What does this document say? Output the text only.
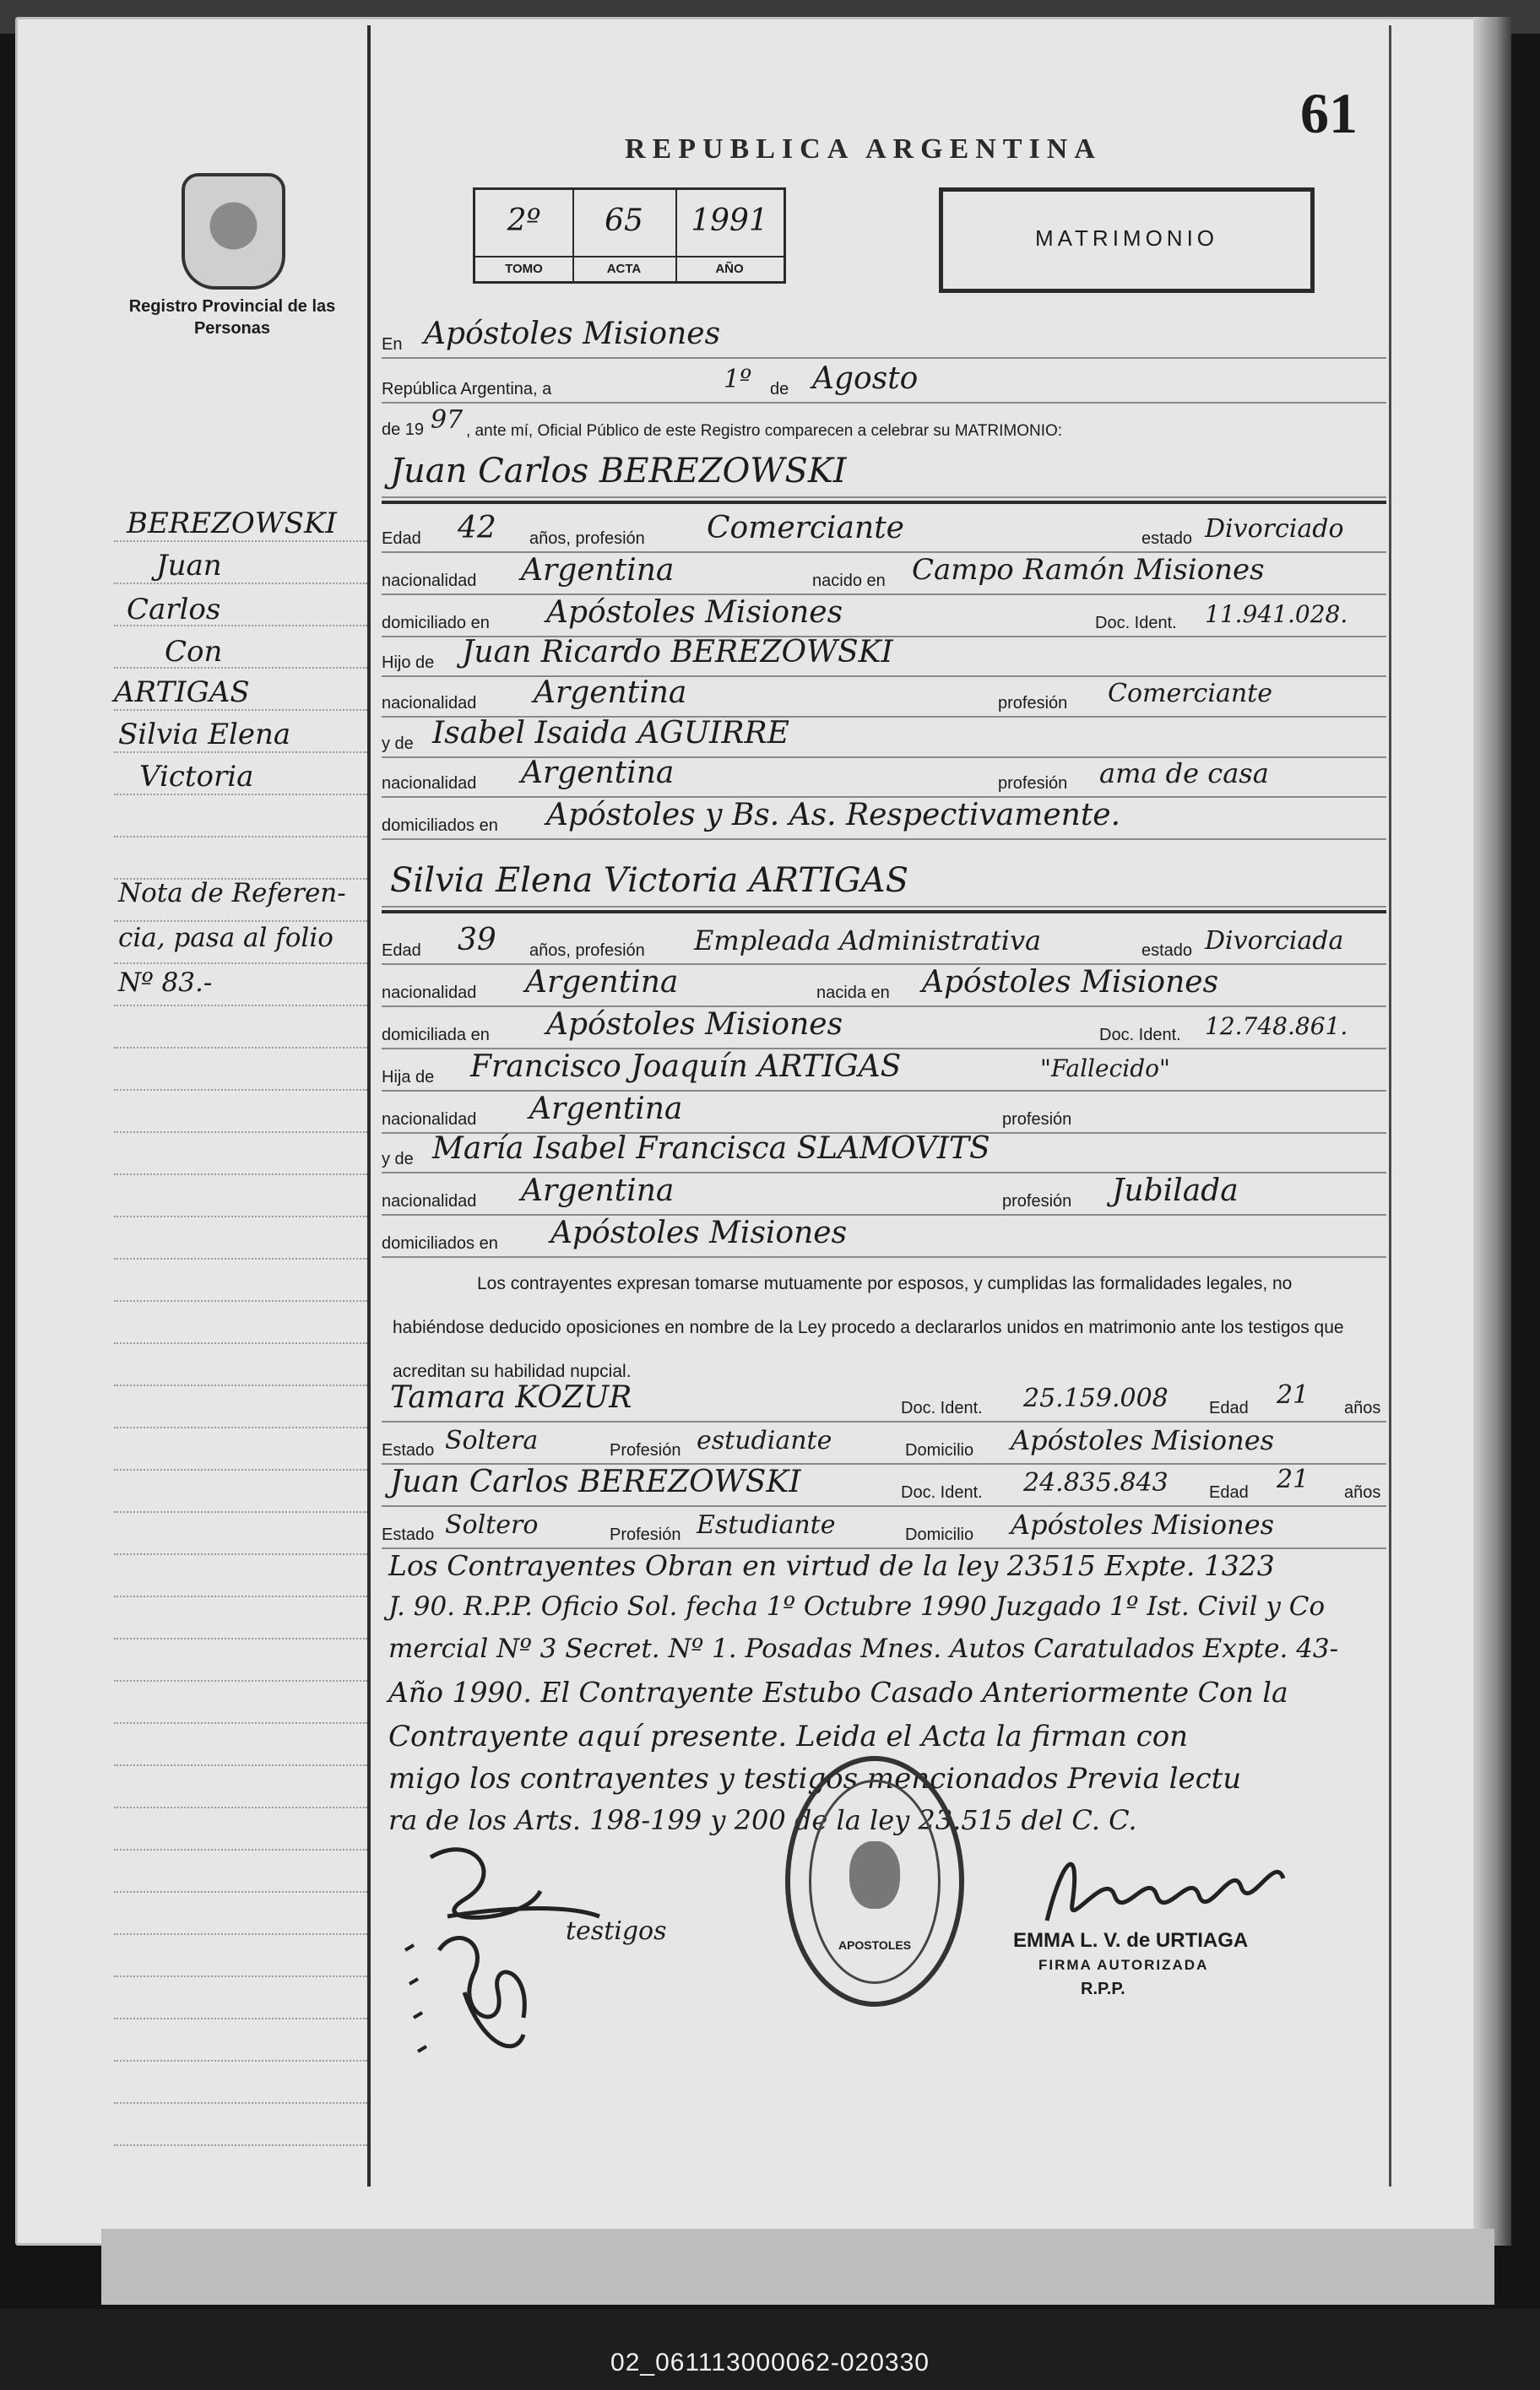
02_061113000062-020330
61
REPUBLICA ARGENTINA
Registro Provincial de las Personas
2º
TOMO
65
ACTA
1991
AÑO
MATRIMONIO
BEREZOWSKI
Juan
Carlos
Con
ARTIGAS
Silvia Elena
Victoria
Nota de Referen-
cia, pasa al folio
Nº 83.-
En Apóstoles Misiones
República Argentina, a	1º de Agosto
de 19 97 , ante mí, Oficial Público de este Registro comparecen a celebrar su MATRIMONIO:
Juan Carlos BEREZOWSKI
Edad 42 años, profesión Comerciante	estado Divorciado
nacionalidad Argentina	nacido en Campo Ramón Misiones
domiciliado en Apóstoles Misiones	Doc. Ident. 11.941.028.
Hijo de Juan Ricardo BEREZOWSKI
nacionalidad Argentina	profesión Comerciante
y de Isabel Isaida AGUIRRE
nacionalidad Argentina	profesión ama de casa
domiciliados en Apóstoles y Bs. As. Respectivamente.
Silvia Elena Victoria ARTIGAS
Edad 39 años, profesión Empleada Administrativa	estado Divorciada
nacionalidad Argentina	nacida en Apóstoles Misiones
domiciliada en Apóstoles Misiones	Doc. Ident. 12.748.861.
Hija de Francisco Joaquín ARTIGAS	"Fallecido"
nacionalidad Argentina	profesión
y de María Isabel Francisca SLAMOVITS
nacionalidad Argentina	profesión Jubilada
domiciliados en Apóstoles Misiones
Los contrayentes expresan tomarse mutuamente por esposos, y cumplidas las formalidades legales, no habiéndose deducido oposiciones en nombre de la Ley procedo a declararlos unidos en matrimonio ante los testigos que acreditan su habilidad nupcial.
Tamara KOZUR	Doc. Ident. 25.159.008 Edad 21 años
Estado Soltera	Profesión estudiante	Domicilio Apóstoles Misiones
Juan Carlos BEREZOWSKI	Doc. Ident. 24.835.843 Edad 21 años
Estado Soltero	Profesión Estudiante	Domicilio Apóstoles Misiones
Los Contrayentes Obran en virtud de la ley 23515 Expte. 1323
J. 90. R.P.P. Oficio Sol. fecha 1º Octubre 1990 Juzgado 1º Ist. Civil y Co
mercial Nº 3 Secret. Nº 1. Posadas Mnes. Autos Caratulados Expte. 43-
Año 1990. El Contrayente Estubo Casado Anteriormente Con la
Contrayente aquí presente. Leida el Acta la firman con
migo los contrayentes y testigos mencionados Previa lectu
ra de los Arts. 198-199 y 200 de la ley 23.515 del C. C.
testigos	APOSTOLES	EMMA L. V. de URTIAGA
FIRMA AUTORIZADA
R.P.P.
